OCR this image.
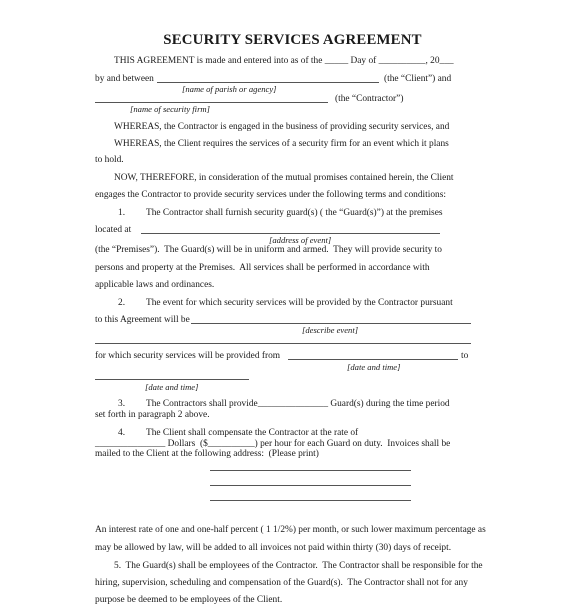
SECURITY SERVICES AGREEMENT
THIS AGREEMENT is made and entered into as of the _____ Day of __________, 20___
by and between	(the “Client”) and
[name of parish or agency]
(the “Contractor”)
[name of security firm]
WHEREAS, the Contractor is engaged in the business of providing security services, and
WHEREAS, the Client requires the services of a security firm for an event which it plans
to hold.
NOW, THEREFORE, in consideration of the mutual promises contained herein, the Client
engages the Contractor to provide security services under the following terms and conditions:
1. The Contractor shall furnish security guard(s) ( the “Guard(s)”) at the premises
located at
[address of event]
(the “Premises”).  The Guard(s) will be in uniform and armed.  They will provide security to
persons and property at the Premises.  All services shall be performed in accordance with
applicable laws and ordinances.
2. The event for which security services will be provided by the Contractor pursuant
to this Agreement will be
[describe event]
for which security services will be provided from	to
[date and time]
[date and time]
3. The Contractors shall provide_______________ Guard(s) during the time period
set forth in paragraph 2 above.
4. The Client shall compensate the Contractor at the rate of
_______________ Dollars  ($__________) per hour for each Guard on duty.  Invoices shall be
mailed to the Client at the following address:  (Please print)
An interest rate of one and one-half percent ( 1 1/2%) per month, or such lower maximum percentage as
may be allowed by law, will be added to all invoices not paid within thirty (30) days of receipt.
5.  The Guard(s) shall be employees of the Contractor.  The Contractor shall be responsible for the
hiring, supervision, scheduling and compensation of the Guard(s).  The Contractor shall not for any
purpose be deemed to be employees of the Client.
